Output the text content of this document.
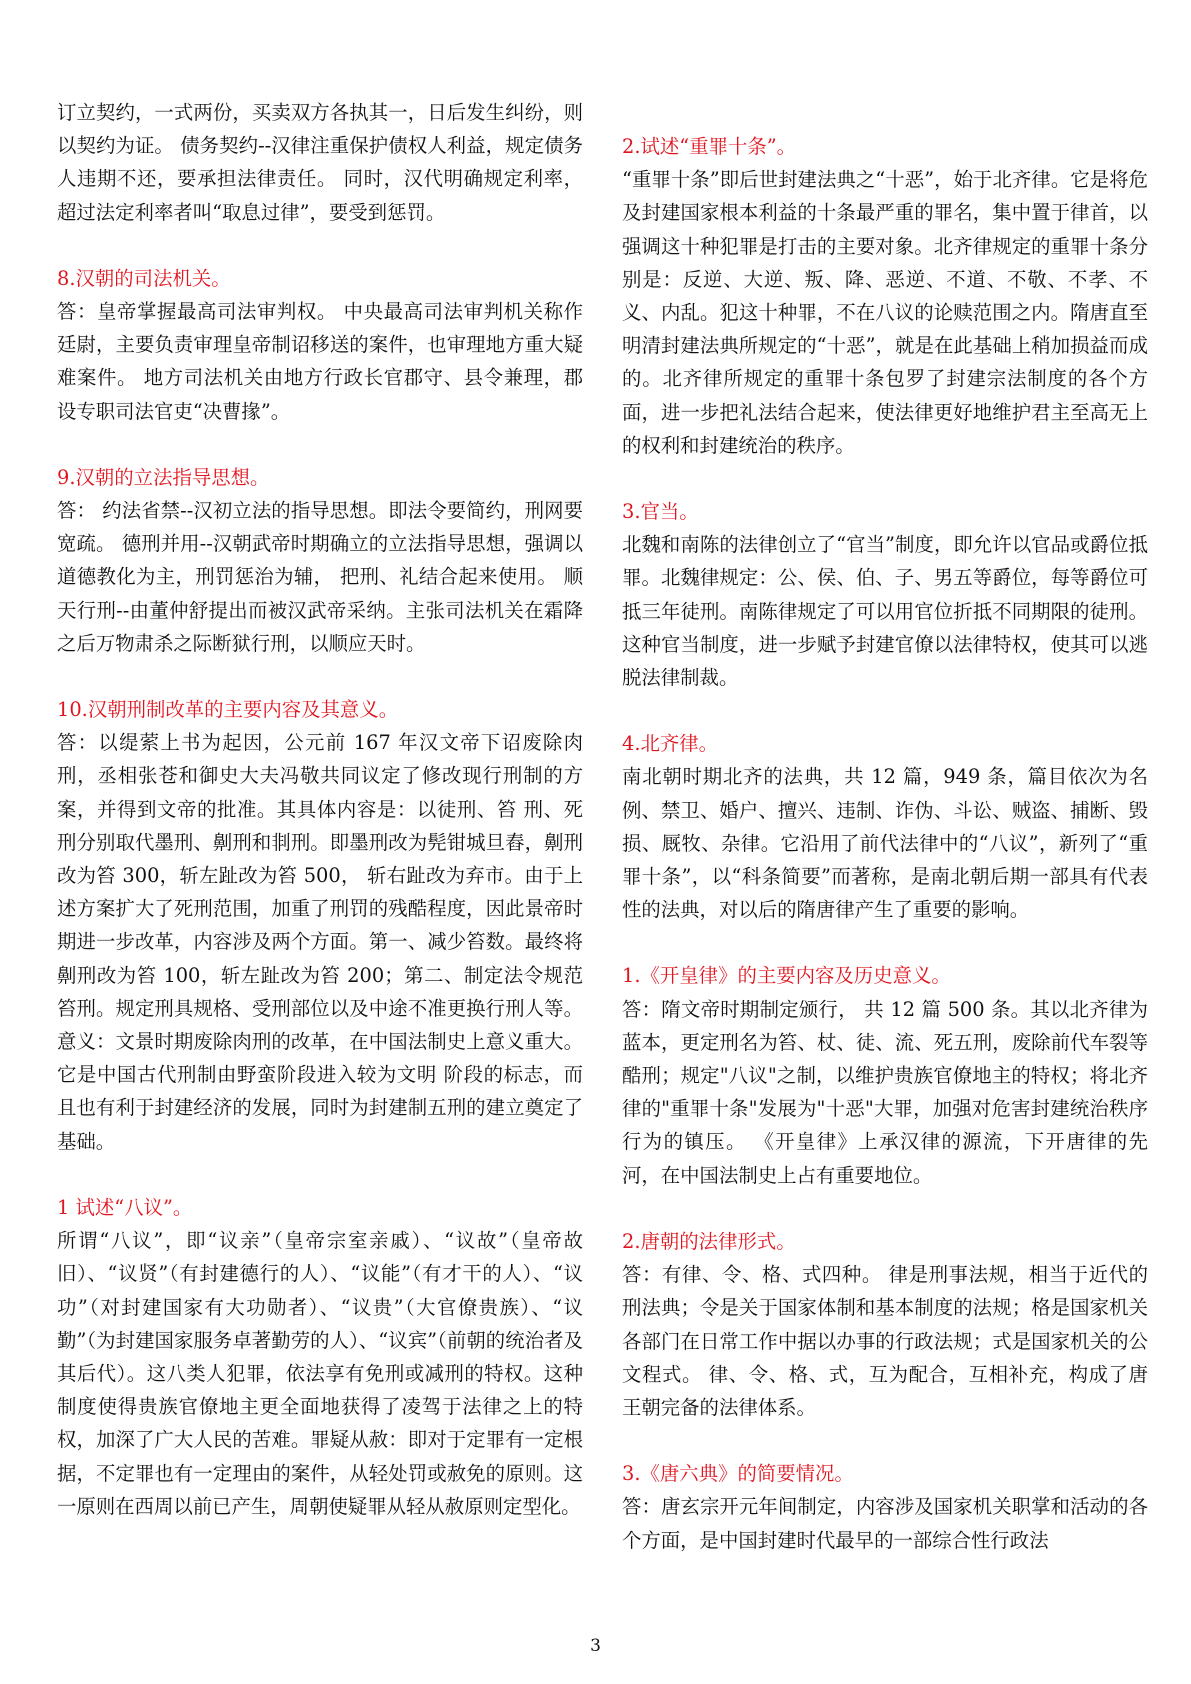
订立契约，一式两份，买卖双方各执其一，日后发生纠纷，则以契约为证。 债务契约--汉律注重保护债权人利益，规定债务人违期不还，要承担法律责任。 同时，汉代明确规定利率，超过法定利率者叫“取息过律”，要受到惩罚。
8.汉朝的司法机关。
答：皇帝掌握最高司法审判权。 中央最高司法审判机关称作廷尉，主要负责审理皇帝制诏移送的案件，也审理地方重大疑难案件。 地方司法机关由地方行政长官郡守、县令兼理，郡设专职司法官吏“决曹掾”。
9.汉朝的立法指导思想。
答： 约法省禁--汉初立法的指导思想。即法令要简约，刑网要宽疏。 德刑并用--汉朝武帝时期确立的立法指导思想，强调以道德教化为主，刑罚惩治为辅， 把刑、礼结合起来使用。 顺天行刑--由董仲舒提出而被汉武帝采纳。主张司法机关在霜降之后万物肃杀之际断狱行刑，以顺应天时。
10.汉朝刑制改革的主要内容及其意义。
答：以缇萦上书为起因，公元前 167 年汉文帝下诏废除肉刑，丞相张苍和御史大夫冯敬共同议定了修改现行刑制的方案，并得到文帝的批准。其具体内容是：以徒刑、笞 刑、死刑分别取代墨刑、劓刑和剕刑。即墨刑改为髡钳城旦舂，劓刑改为笞 300，斩左趾改为笞 500， 斩右趾改为弃市。由于上述方案扩大了死刑范围，加重了刑罚的残酷程度，因此景帝时期进一步改革，内容涉及两个方面。第一、减少笞数。最终将劓刑改为笞 100，斩左趾改为笞 200；第二、制定法令规范笞刑。规定刑具规格、受刑部位以及中途不准更换行刑人等。意义：文景时期废除肉刑的改革，在中国法制史上意义重大。它是中国古代刑制由野蛮阶段进入较为文明 阶段的标志，而且也有利于封建经济的发展，同时为封建制五刑的建立奠定了基础。
1 试述“八议”。
所谓“八议”，即“议亲”（皇帝宗室亲戚）、“议故”（皇帝故旧）、“议贤”（有封建德行的人）、“议能”（有才干的人）、“议功”（对封建国家有大功勋者）、“议贵”（大官僚贵族）、“议勤”（为封建国家服务卓著勤劳的人）、“议宾”（前朝的统治者及其后代）。这八类人犯罪，依法享有免刑或减刑的特权。这种制度使得贵族官僚地主更全面地获得了凌驾于法律之上的特权，加深了广大人民的苦难。罪疑从赦：即对于定罪有一定根据，不定罪也有一定理由的案件，从轻处罚或赦免的原则。这一原则在西周以前已产生，周朝使疑罪从轻从赦原则定型化。
2.试述“重罪十条”。
“重罪十条”即后世封建法典之“十恶”，始于北齐律。它是将危及封建国家根本利益的十条最严重的罪名，集中置于律首，以强调这十种犯罪是打击的主要对象。北齐律规定的重罪十条分别是：反逆、大逆、叛、降、恶逆、不道、不敬、不孝、不义、内乱。犯这十种罪，不在八议的论赎范围之内。隋唐直至明清封建法典所规定的“十恶”，就是在此基础上稍加损益而成的。北齐律所规定的重罪十条包罗了封建宗法制度的各个方面，进一步把礼法结合起来，使法律更好地维护君主至高无上的权利和封建统治的秩序。
3.官当。
北魏和南陈的法律创立了“官当”制度，即允许以官品或爵位抵罪。北魏律规定：公、侯、伯、子、男五等爵位，每等爵位可抵三年徒刑。南陈律规定了可以用官位折抵不同期限的徒刑。这种官当制度，进一步赋予封建官僚以法律特权，使其可以逃脱法律制裁。
4.北齐律。
南北朝时期北齐的法典，共 12 篇，949 条，篇目依次为名例、禁卫、婚户、擅兴、违制、诈伪、斗讼、贼盗、捕断、毁损、厩牧、杂律。它沿用了前代法律中的“八议”，新列了“重罪十条”，以“科条简要”而著称，是南北朝后期一部具有代表性的法典，对以后的隋唐律产生了重要的影响。
1.《开皇律》的主要内容及历史意义。
答：隋文帝时期制定颁行， 共 12 篇 500 条。其以北齐律为蓝本，更定刑名为笞、杖、徒、流、死五刑，废除前代车裂等酷刑；规定"八议"之制，以维护贵族官僚地主的特权；将北齐律的"重罪十条"发展为"十恶"大罪，加强对危害封建统治秩序行为的镇压。 《开皇律》上承汉律的源流，下开唐律的先河，在中国法制史上占有重要地位。
2.唐朝的法律形式。
答：有律、令、格、式四种。 律是刑事法规，相当于近代的刑法典；令是关于国家体制和基本制度的法规；格是国家机关各部门在日常工作中据以办事的行政法规；式是国家机关的公文程式。 律、令、格、式，互为配合，互相补充，构成了唐王朝完备的法律体系。
3.《唐六典》的简要情况。
答：唐玄宗开元年间制定，内容涉及国家机关职掌和活动的各个方面，是中国封建时代最早的一部综合性行政法
3
